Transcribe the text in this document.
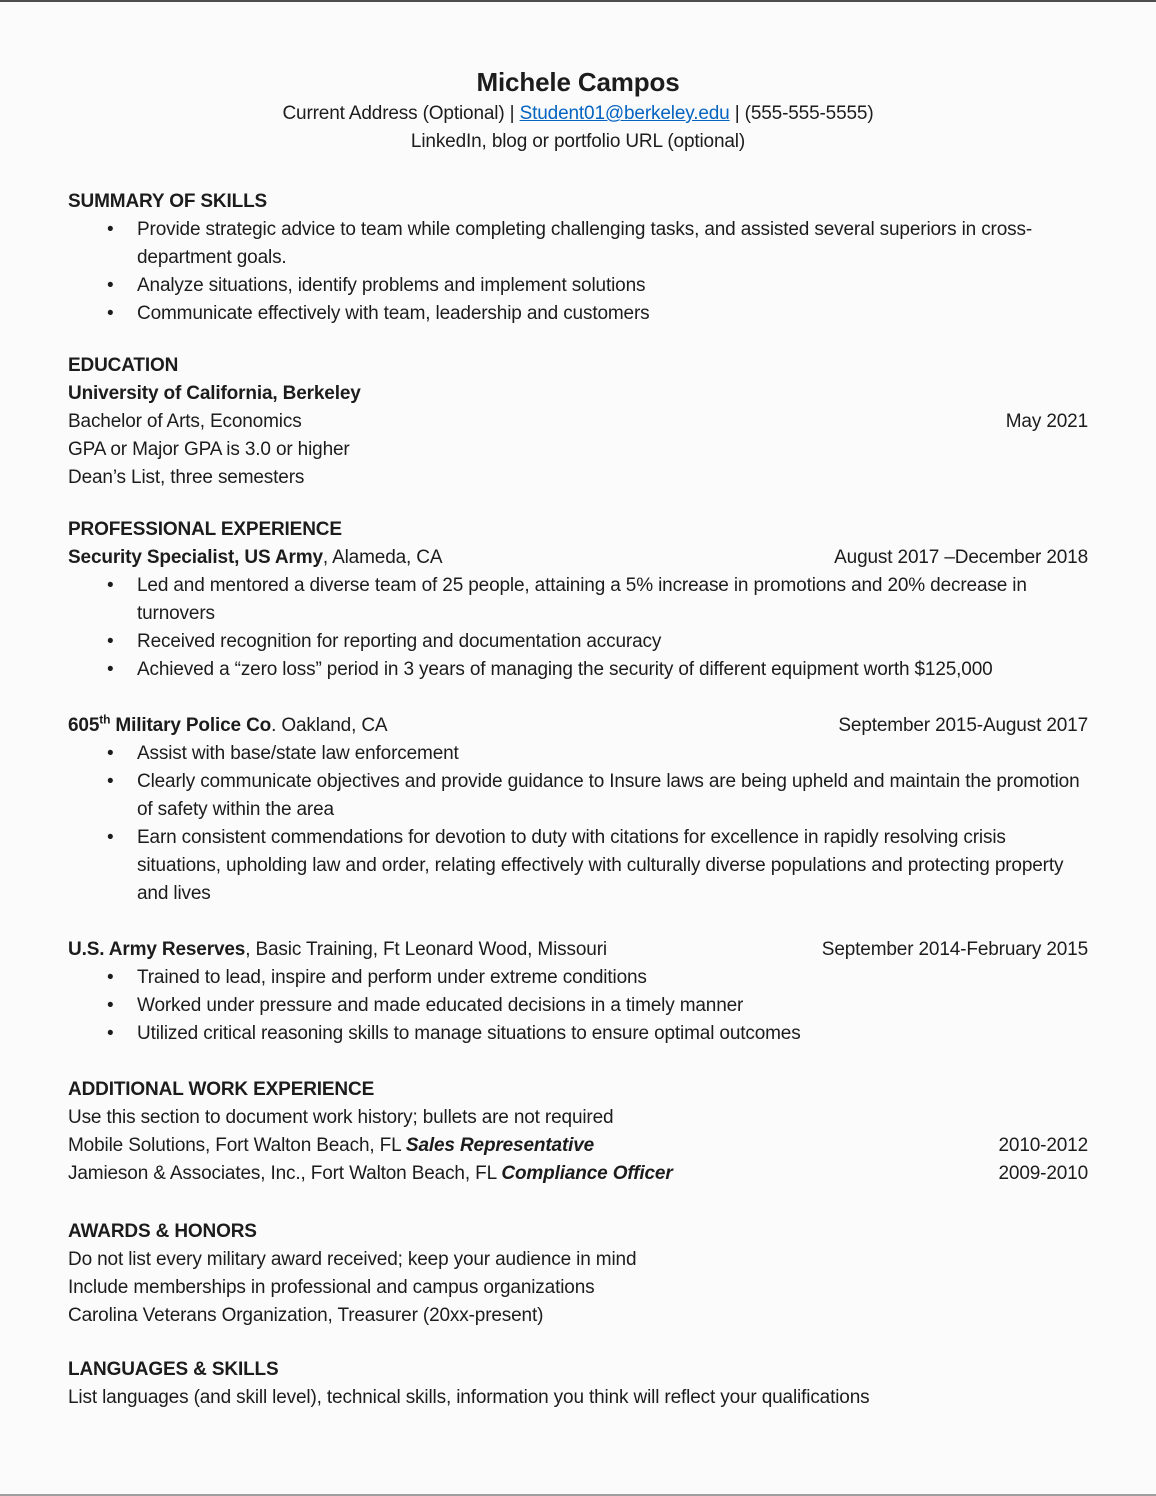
Michele Campos
Current Address (Optional) | Student01@berkeley.edu | (555-555-5555)
LinkedIn, blog or portfolio URL (optional)
SUMMARY OF SKILLS
• Provide strategic advice to team while completing challenging tasks, and assisted several superiors in cross-department goals.
• Analyze situations, identify problems and implement solutions
• Communicate effectively with team, leadership and customers
EDUCATION
University of California, Berkeley
Bachelor of Arts, Economics	May 2021
GPA or Major GPA is 3.0 or higher
Dean’s List, three semesters
PROFESSIONAL EXPERIENCE
Security Specialist, US Army, Alameda, CA	August 2017 –December 2018
• Led and mentored a diverse team of 25 people, attaining a 5% increase in promotions and 20% decrease in turnovers
• Received recognition for reporting and documentation accuracy
• Achieved a “zero loss” period in 3 years of managing the security of different equipment worth $125,000
605th Military Police Co. Oakland, CA	September 2015-August 2017
• Assist with base/state law enforcement
• Clearly communicate objectives and provide guidance to Insure laws are being upheld and maintain the promotion of safety within the area
• Earn consistent commendations for devotion to duty with citations for excellence in rapidly resolving crisis situations, upholding law and order, relating effectively with culturally diverse populations and protecting property and lives
U.S. Army Reserves, Basic Training, Ft Leonard Wood, Missouri	September 2014-February 2015
• Trained to lead, inspire and perform under extreme conditions
• Worked under pressure and made educated decisions in a timely manner
• Utilized critical reasoning skills to manage situations to ensure optimal outcomes
ADDITIONAL WORK EXPERIENCE
Use this section to document work history; bullets are not required
Mobile Solutions, Fort Walton Beach, FL Sales Representative	2010-2012
Jamieson & Associates, Inc., Fort Walton Beach, FL Compliance Officer	2009-2010
AWARDS & HONORS
Do not list every military award received; keep your audience in mind
Include memberships in professional and campus organizations
Carolina Veterans Organization, Treasurer (20xx-present)
LANGUAGES & SKILLS
List languages (and skill level), technical skills, information you think will reflect your qualifications
